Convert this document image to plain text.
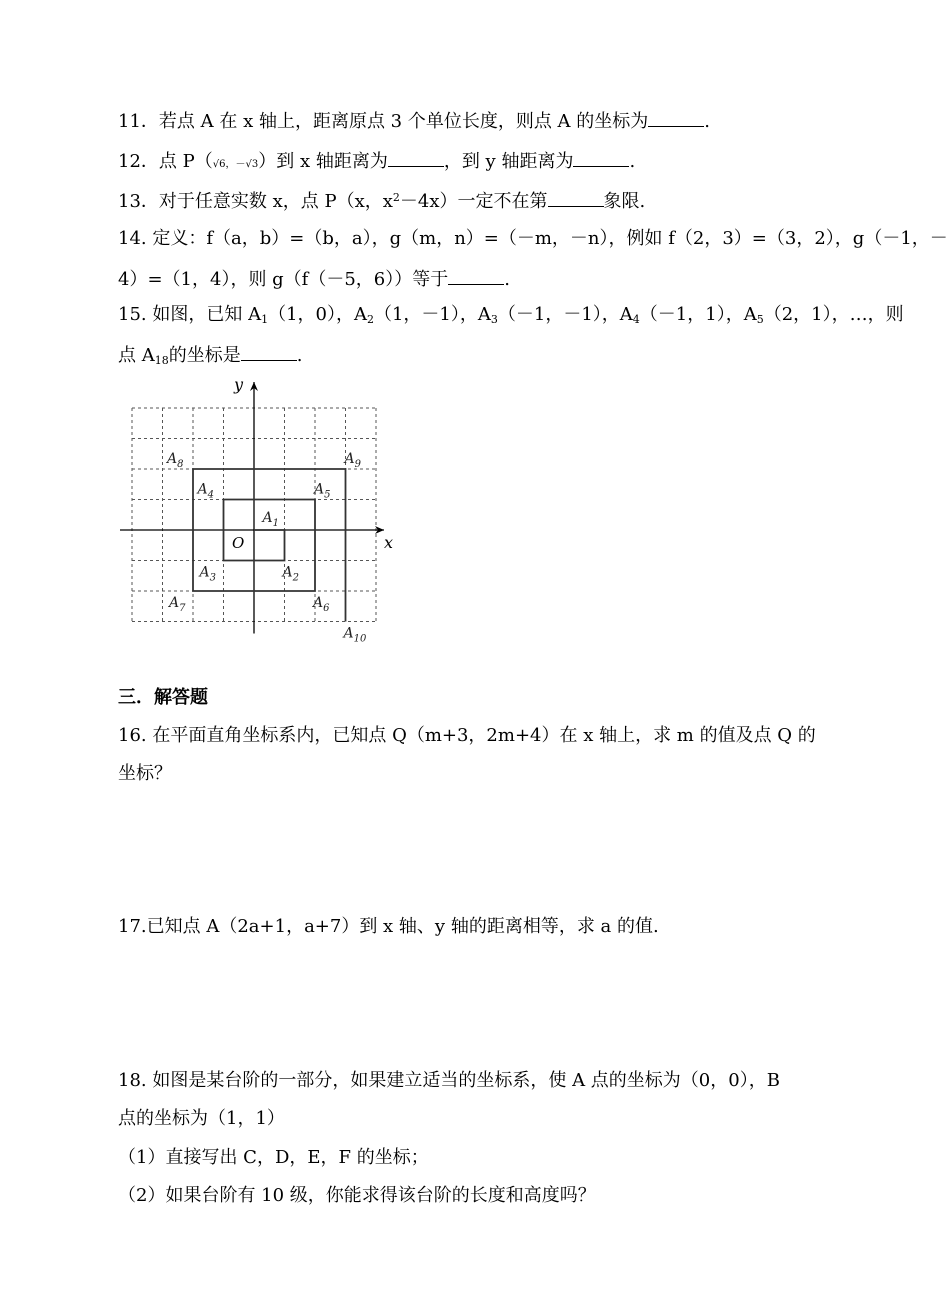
11．若点 A 在 x 轴上，距离原点 3 个单位长度，则点 A 的坐标为	.
12．点 P（√6，－√3）到 x 轴距离为	，到 y 轴距离为	.
13．对于任意实数 x，点 P（x，$x^2-4x$）一定不在第	象限.
14. 定义：f（a，b）=（b，a），g（m，n）=（－m，－n），例如 f（2，3）=（3，2），g（－1，－
4）=（1，4），则 g（f（－5，6））等于	.
15. 如图，已知 $A_1(1$，0），$A_2(1$，－1），$A_3(-1$，－1），$A_4(-1$，1），$A_5(2$，1），…，则
点 $A_{18}$的坐标是	.
x
y
O
$A_1$
$A_2$
$A_3$
$A_4$	$A_5$
$A_6$
$A_7$
$A_8$	$A_9$
$A_{10}$
三．解答题
16. 在平面直角坐标系内，已知点 Q（m+3，2m+4）在 x 轴上，求 m 的值及点 Q 的
坐标？
17.已知点 A（2a+1，a+7）到 x 轴、y 轴的距离相等，求 a 的值.
18. 如图是某台阶的一部分，如果建立适当的坐标系，使 A 点的坐标为（0，0），B
点的坐标为（1，1）
（1）直接写出 C，D，E，F 的坐标；
（2）如果台阶有 10 级，你能求得该台阶的长度和高度吗？
